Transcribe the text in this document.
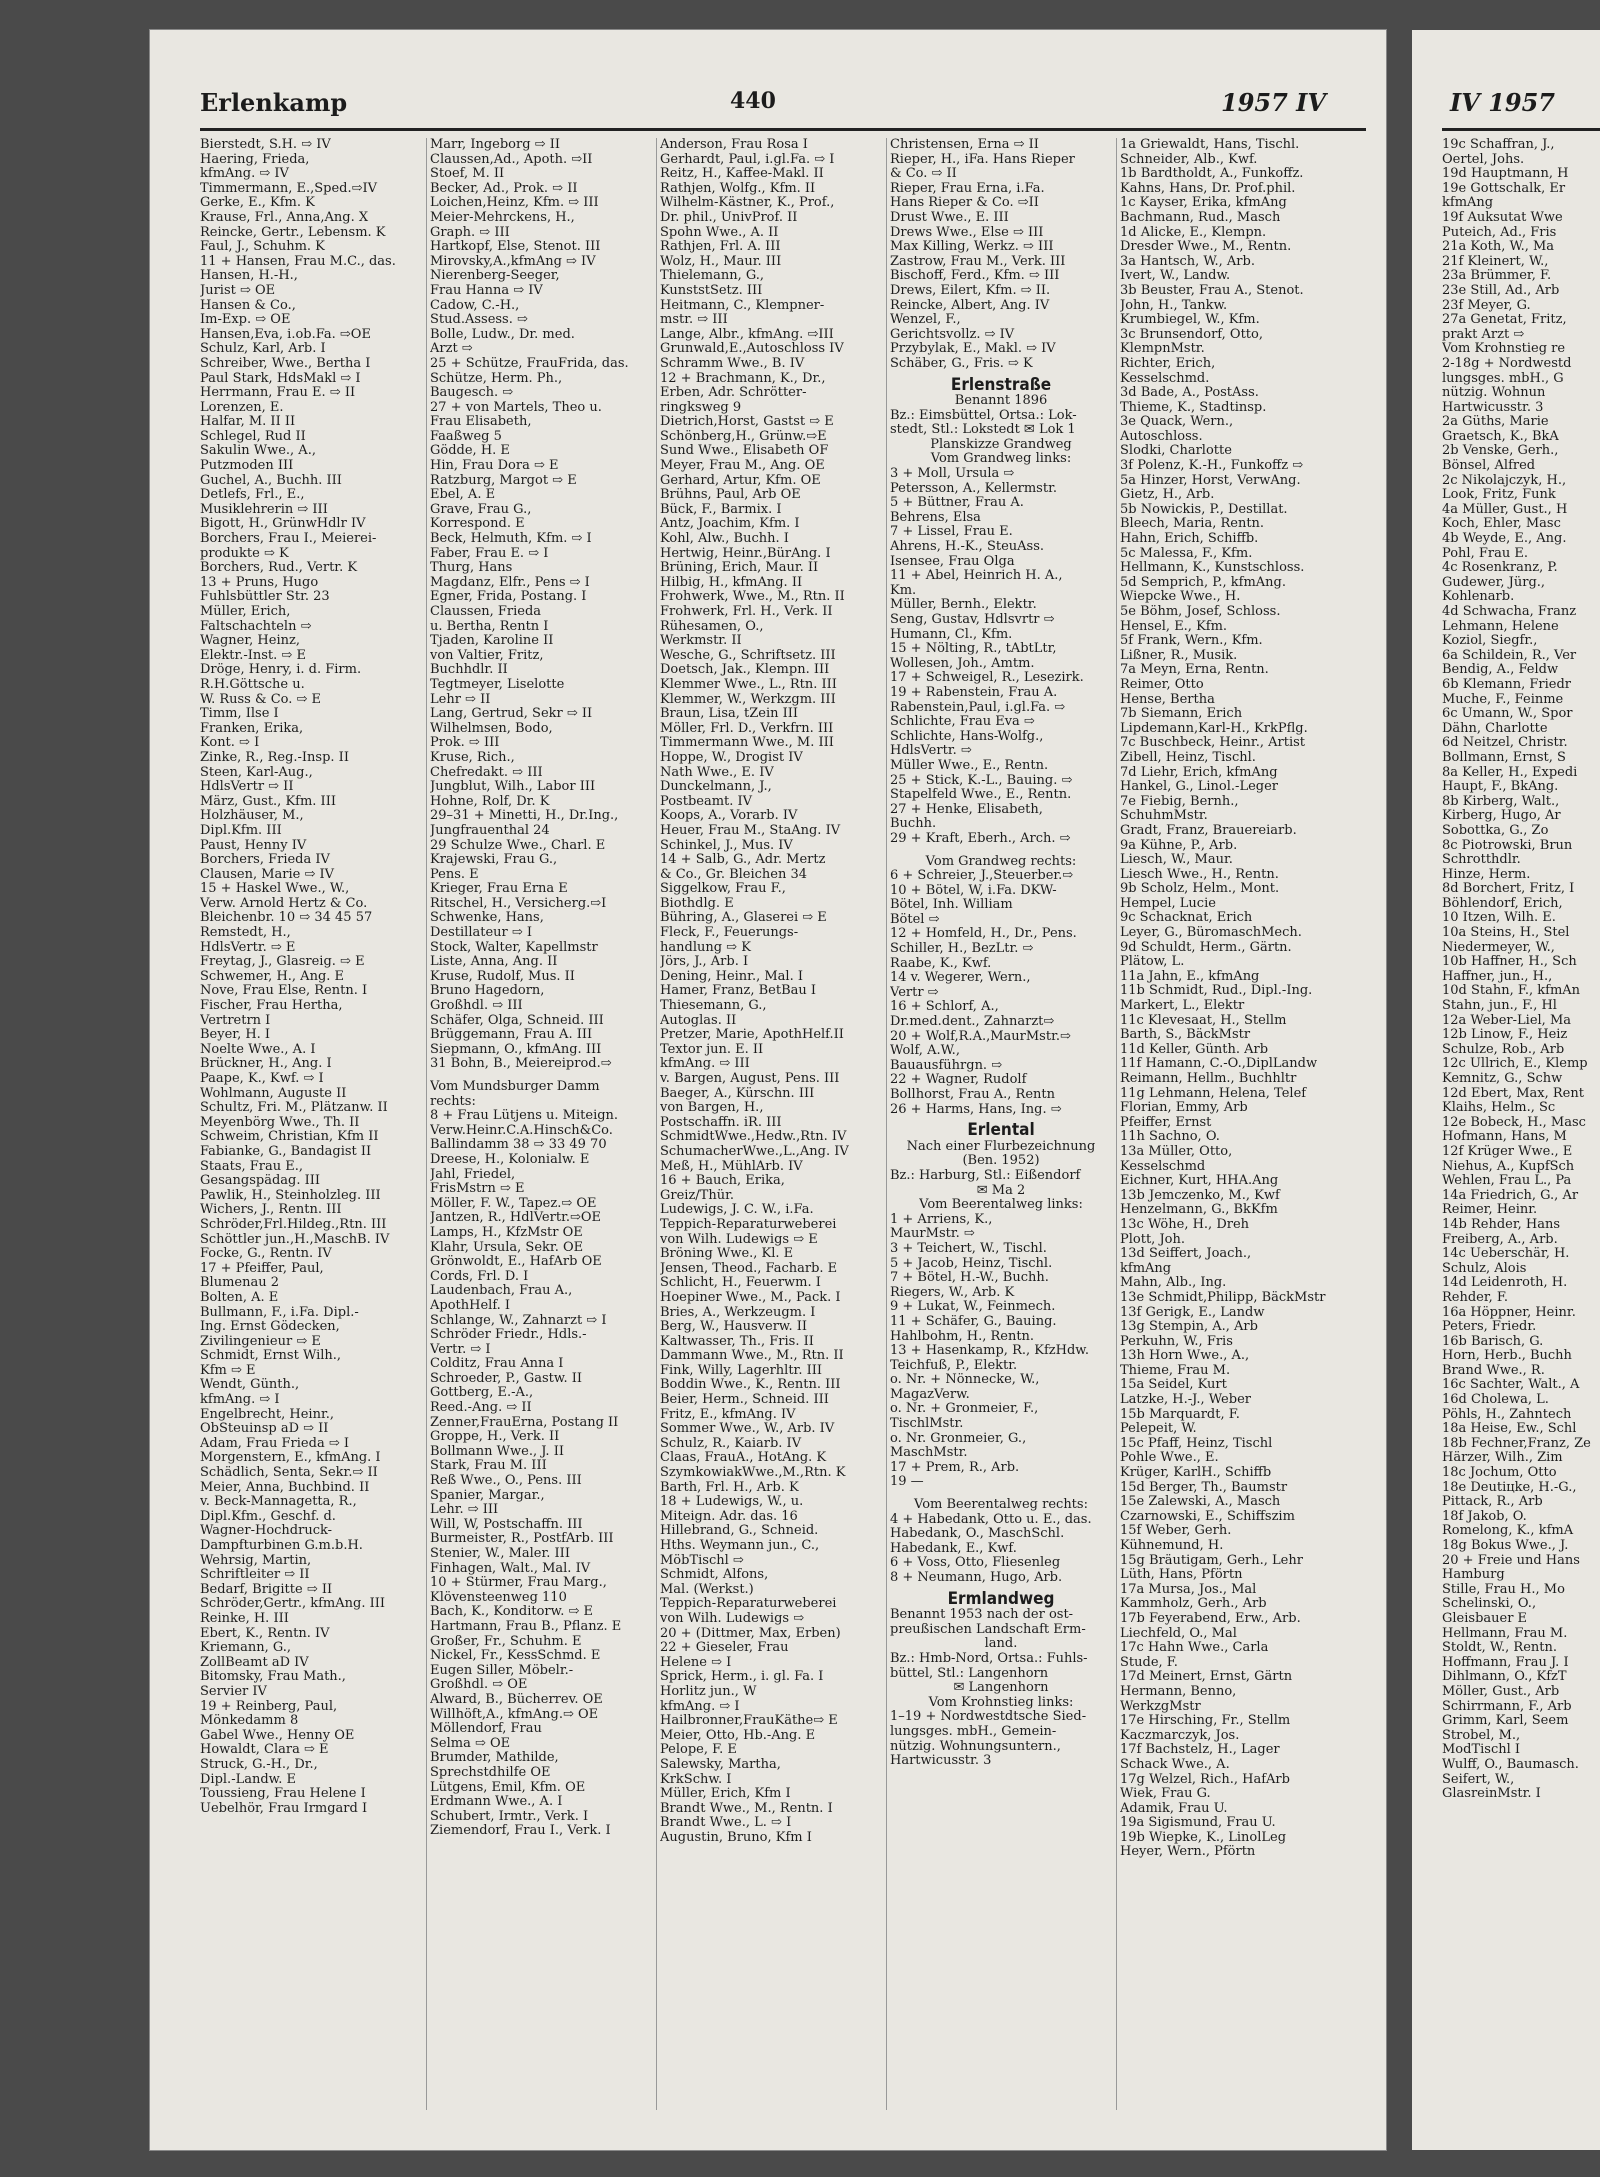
Erlenkamp	440	1957 IV
Bierstedt, S.H. ⇨ IV
Haering, Frieda,
kfmAng. ⇨ IV
Timmermann, E.,Sped.⇨IV
Gerke, E., Kfm. K
Krause, Frl., Anna,Ang. X
Reincke, Gertr., Lebensm. K
Faul, J., Schuhm. K
11 + Hansen, Frau M.C., das.
Hansen, H.-H.,
Jurist ⇨ OE
Hansen & Co.,
Im-Exp. ⇨ OE
Hansen,Eva, i.ob.Fa. ⇨OE
Schulz, Karl, Arb. I
Schreiber, Wwe., Bertha I
Paul Stark, HdsMakl ⇨ I
Herrmann, Frau E. ⇨ II
Lorenzen, E.
Halfar, M. II II
Schlegel, Rud II
Sakulin Wwe., A.,
Putzmoden III
Guchel, A., Buchh. III
Detlefs, Frl., E.,
Musiklehrerin ⇨ III
Bigott, H., GrünwHdlr IV
Borchers, Frau I., Meierei-
produkte ⇨ K
Borchers, Rud., Vertr. K
13 + Pruns, Hugo
Fuhlsbüttler Str. 23
Müller, Erich,
Faltschachteln ⇨
Wagner, Heinz,
Elektr.-Inst. ⇨ E
Dröge, Henry, i. d. Firm.
R.H.Göttsche u.
W. Russ & Co. ⇨ E
Timm, Ilse I
Franken, Erika,
Kont. ⇨ I
Zinke, R., Reg.-Insp. II
Steen, Karl-Aug.,
HdlsVertr ⇨ II
März, Gust., Kfm. III
Holzhäuser, M.,
Dipl.Kfm. III
Paust, Henny IV
Borchers, Frieda IV
Clausen, Marie ⇨ IV
15 + Haskel Wwe., W.,
Verw. Arnold Hertz & Co.
Bleichenbr. 10 ⇨ 34 45 57
Remstedt, H.,
HdlsVertr. ⇨ E
Freytag, J., Glasreig. ⇨ E
Schwemer, H., Ang. E
Nove, Frau Else, Rentn. I
Fischer, Frau Hertha,
Vertretrn I
Beyer, H. I
Noelte Wwe., A. I
Brückner, H., Ang. I
Paape, K., Kwf. ⇨ I
Wohlmann, Auguste II
Schultz, Fri. M., Plätzanw. II
Meyenbörg Wwe., Th. II
Schweim, Christian, Kfm II
Fabianke, G., Bandagist II
Staats, Frau E.,
Gesangspädag. III
Pawlik, H., Steinholzleg. III
Wichers, J., Rentn. III
Schröder,Frl.Hildeg.,Rtn. III
Schöttler jun.,H.,MaschB. IV
Focke, G., Rentn. IV
17 + Pfeiffer, Paul,
Blumenau 2
Bolten, A. E
Bullmann, F., i.Fa. Dipl.-
Ing. Ernst Gödecken,
Zivilingenieur ⇨ E
Schmidt, Ernst Wilh.,
Kfm ⇨ E
Wendt, Günth.,
kfmAng. ⇨ I
Engelbrecht, Heinr.,
ObSteuinsp aD ⇨ II
Adam, Frau Frieda ⇨ I
Morgenstern, E., kfmAng. I
Schädlich, Senta, Sekr.⇨ II
Meier, Anna, Buchbind. II
v. Beck-Mannagetta, R.,
Dipl.Kfm., Geschf. d.
Wagner-Hochdruck-
Dampfturbinen G.m.b.H.
Wehrsig, Martin,
Schriftleiter ⇨ II
Bedarf, Brigitte ⇨ II
Schröder,Gertr., kfmAng. III
Reinke, H. III
Ebert, K., Rentn. IV
Kriemann, G.,
ZollBeamt aD IV
Bitomsky, Frau Math.,
Servier IV
19 + Reinberg, Paul,
Mönkedamm 8
Gabel Wwe., Henny OE
Howaldt, Clara ⇨ E
Struck, G.-H., Dr.,
Dipl.-Landw. E
Toussieng, Frau Helene I
Uebelhör, Frau Irmgard I
Marr, Ingeborg ⇨ II
Claussen,Ad., Apoth. ⇨II
Stoef, M. II
Becker, Ad., Prok. ⇨ II
Loichen,Heinz, Kfm. ⇨ III
Meier-Mehrckens, H.,
Graph. ⇨ III
Hartkopf, Else, Stenot. III
Mirovsky,A.,kfmAng ⇨ IV
Nierenberg-Seeger,
Frau Hanna ⇨ IV
Cadow, C.-H.,
Stud.Assess. ⇨
Bolle, Ludw., Dr. med.
Arzt ⇨
25 + Schütze, FrauFrida, das.
Schütze, Herm. Ph.,
Baugesch. ⇨
27 + von Martels, Theo u.
Frau Elisabeth,
Faaßweg 5
Gödde, H. E
Hin, Frau Dora ⇨ E
Ratzburg, Margot ⇨ E
Ebel, A. E
Grave, Frau G.,
Korrespond. E
Beck, Helmuth, Kfm. ⇨ I
Faber, Frau E. ⇨ I
Thurg, Hans
Magdanz, Elfr., Pens ⇨ I
Egner, Frida, Postang. I
Claussen, Frieda
u. Bertha, Rentn I
Tjaden, Karoline II
von Valtier, Fritz,
Buchhdlr. II
Tegtmeyer, Liselotte
Lehr ⇨ II
Lang, Gertrud, Sekr ⇨ II
Wilhelmsen, Bodo,
Prok. ⇨ III
Kruse, Rich.,
Chefredakt. ⇨ III
Jungblut, Wilh., Labor III
Hohne, Rolf, Dr. K
29–31 + Minetti, H., Dr.Ing.,
Jungfrauenthal 24
29 Schulze Wwe., Charl. E
Krajewski, Frau G.,
Pens. E
Krieger, Frau Erna E
Ritschel, H., Versicherg.⇨I
Schwenke, Hans,
Destillateur ⇨ I
Stock, Walter, Kapellmstr
Liste, Anna, Ang. II
Kruse, Rudolf, Mus. II
Bruno Hagedorn,
Großhdl. ⇨ III
Schäfer, Olga, Schneid. III
Brüggemann, Frau A. III
Siepmann, O., kfmAng. III
31 Bohn, B., Meiereiprod.⇨
Vom Mundsburger Damm
rechts:
8 + Frau Lütjens u. Miteign.
Verw.Heinr.C.A.Hinsch&Co.
Ballindamm 38 ⇨ 33 49 70
Dreese, H., Kolonialw. E
Jahl, Friedel,
FrisMstrn ⇨ E
Möller, F. W., Tapez.⇨ OE
Jantzen, R., HdlVertr.⇨OE
Lamps, H., KfzMstr OE
Klahr, Ursula, Sekr. OE
Grönwoldt, E., HafArb OE
Cords, Frl. D. I
Laudenbach, Frau A.,
ApothHelf. I
Schlange, W., Zahnarzt ⇨ I
Schröder Friedr., Hdls.-
Vertr. ⇨ I
Colditz, Frau Anna I
Schroeder, P., Gastw. II
Gottberg, E.-A.,
Reed.-Ang. ⇨ II
Zenner,FrauErna, Postang II
Groppe, H., Verk. II
Bollmann Wwe., J. II
Stark, Frau M. III
Reß Wwe., O., Pens. III
Spanier, Margar.,
Lehr. ⇨ III
Will, W, Postschaffn. III
Burmeister, R., PostfArb. III
Stenier, W., Maler. III
Finhagen, Walt., Mal. IV
10 + Stürmer, Frau Marg.,
Klövensteenweg 110
Bach, K., Konditorw. ⇨ E
Hartmann, Frau B., Pflanz. E
Großer, Fr., Schuhm. E
Nickel, Fr., KessSchmd. E
Eugen Siller, Möbelr.-
Großhdl. ⇨ OE
Alward, B., Bücherrev. OE
Willhöft,A., kfmAng.⇨ OE
Möllendorf, Frau
Selma ⇨ OE
Brumder, Mathilde,
Sprechstdhilfe OE
Lütgens, Emil, Kfm. OE
Erdmann Wwe., A. I
Schubert, Irmtr., Verk. I
Ziemendorf, Frau I., Verk. I
Anderson, Frau Rosa I
Gerhardt, Paul, i.gl.Fa. ⇨ I
Reitz, H., Kaffee-Makl. II
Rathjen, Wolfg., Kfm. II
Wilhelm-Kästner, K., Prof.,
Dr. phil., UnivProf. II
Spohn Wwe., A. II
Rathjen, Frl. A. III
Wolz, H., Maur. III
Thielemann, G.,
KunststSetz. III
Heitmann, C., Klempner-
mstr. ⇨ III
Lange, Albr., kfmAng. ⇨III
Grunwald,E.,Autoschloss IV
Schramm Wwe., B. IV
12 + Brachmann, K., Dr.,
Erben, Adr. Schrötter-
ringksweg 9
Dietrich,Horst, Gastst ⇨ E
Schönberg,H., Grünw.⇨E
Sund Wwe., Elisabeth OF
Meyer, Frau M., Ang. OE
Gerhard, Artur, Kfm. OE
Brühns, Paul, Arb OE
Bück, F., Barmix. I
Antz, Joachim, Kfm. I
Kohl, Alw., Buchh. I
Hertwig, Heinr.,BürAng. I
Brüning, Erich, Maur. II
Hilbig, H., kfmAng. II
Frohwerk, Wwe., M., Rtn. II
Frohwerk, Frl. H., Verk. II
Rühesamen, O.,
Werkmstr. II
Wesche, G., Schriftsetz. III
Doetsch, Jak., Klempn. III
Klemmer Wwe., L., Rtn. III
Klemmer, W., Werkzgm. III
Braun, Lisa, tZein III
Möller, Frl. D., Verkfrn. III
Timmermann Wwe., M. III
Hoppe, W., Drogist IV
Nath Wwe., E. IV
Dunckelmann, J.,
Postbeamt. IV
Koops, A., Vorarb. IV
Heuer, Frau M., StaAng. IV
Schinkel, J., Mus. IV
14 + Salb, G., Adr. Mertz
& Co., Gr. Bleichen 34
Siggelkow, Frau F.,
Biothdlg. E
Bühring, A., Glaserei ⇨ E
Fleck, F., Feuerungs-
handlung ⇨ K
Jörs, J., Arb. I
Dening, Heinr., Mal. I
Hamer, Franz, BetBau I
Thiesemann, G.,
Autoglas. II
Pretzer, Marie, ApothHelf.II
Textor jun. E. II
kfmAng. ⇨ III
v. Bargen, August, Pens. III
Baeger, A., Kürschn. III
von Bargen, H.,
Postschaffn. iR. III
SchmidtWwe.,Hedw.,Rtn. IV
SchumacherWwe.,L.,Ang. IV
Meß, H., MühlArb. IV
16 + Bauch, Erika,
Greiz/Thür.
Ludewigs, J. C. W., i.Fa.
Teppich-Reparaturweberei
von Wilh. Ludewigs ⇨ E
Bröning Wwe., Kl. E
Jensen, Theod., Facharb. E
Schlicht, H., Feuerwm. I
Hoepiner Wwe., M., Pack. I
Bries, A., Werkzeugm. I
Berg, W., Hausverw. II
Kaltwasser, Th., Fris. II
Dammann Wwe., M., Rtn. II
Fink, Willy, Lagerhltr. III
Boddin Wwe., K., Rentn. III
Beier, Herm., Schneid. III
Fritz, E., kfmAng. IV
Sommer Wwe., W., Arb. IV
Schulz, R., Kaiarb. IV
Claas, FrauA., HotAng. K
SzymkowiakWwe.,M.,Rtn. K
Barth, Frl. H., Arb. K
18 + Ludewigs, W., u.
Miteign. Adr. das. 16
Hillebrand, G., Schneid.
Hths. Weymann jun., C.,
MöbTischl ⇨
Schmidt, Alfons,
Mal. (Werkst.)
Teppich-Reparaturweberei
von Wilh. Ludewigs ⇨
20 + (Dittmer, Max, Erben)
22 + Gieseler, Frau
Helene ⇨ I
Sprick, Herm., i. gl. Fa. I
Horlitz jun., W
kfmAng. ⇨ I
Hailbronner,FrauKäthe⇨ E
Meier, Otto, Hb.-Ang. E
Pelope, F. E
Salewsky, Martha,
KrkSchw. I
Müller, Erich, Kfm I
Brandt Wwe., M., Rentn. I
Brandt Wwe., L. ⇨ I
Augustin, Bruno, Kfm I
Christensen, Erna ⇨ II
Rieper, H., iFa. Hans Rieper
& Co. ⇨ II
Rieper, Frau Erna, i.Fa.
Hans Rieper & Co. ⇨II
Drust Wwe., E. III
Drews Wwe., Else ⇨ III
Max Killing, Werkz. ⇨ III
Zastrow, Frau M., Verk. III
Bischoff, Ferd., Kfm. ⇨ III
Drews, Eilert, Kfm. ⇨ II.
Reincke, Albert, Ang. IV
Wenzel, F.,
Gerichtsvollz. ⇨ IV
Przybylak, E., Makl. ⇨ IV
Schäber, G., Fris. ⇨ K
Erlenstraße
Benannt 1896
Bz.: Eimsbüttel, Ortsa.: Lok-
stedt, Stl.: Lokstedt ✉ Lok 1
Planskizze Grandweg
Vom Grandweg links:
3 + Moll, Ursula ⇨
Petersson, A., Kellermstr.
5 + Büttner, Frau A.
Behrens, Elsa
7 + Lissel, Frau E.
Ahrens, H.-K., SteuAss.
Isensee, Frau Olga
11 + Abel, Heinrich H. A.,
Km.
Müller, Bernh., Elektr.
Seng, Gustav, Hdlsvrtr ⇨
Humann, Cl., Kfm.
15 + Nölting, R., tAbtLtr,
Wollesen, Joh., Amtm.
17 + Schweigel, R., Lesezirk.
19 + Rabenstein, Frau A.
Rabenstein,Paul, i.gl.Fa. ⇨
Schlichte, Frau Eva ⇨
Schlichte, Hans-Wolfg.,
HdlsVertr. ⇨
Müller Wwe., E., Rentn.
25 + Stick, K.-L., Bauing. ⇨
Stapelfeld Wwe., E., Rentn.
27 + Henke, Elisabeth,
Buchh.
29 + Kraft, Eberh., Arch. ⇨
Vom Grandweg rechts:
6 + Schreier, J.,Steuerber.⇨
10 + Bötel, W, i.Fa. DKW-
Bötel, Inh. William
Bötel ⇨
12 + Homfeld, H., Dr., Pens.
Schiller, H., BezLtr. ⇨
Raabe, K., Kwf.
14 v. Wegerer, Wern.,
Vertr ⇨
16 + Schlorf, A.,
Dr.med.dent., Zahnarzt⇨
20 + Wolf,R.A.,MaurMstr.⇨
Wolf, A.W.,
Bauausführgn. ⇨
22 + Wagner, Rudolf
Bollhorst, Frau A., Rentn
26 + Harms, Hans, Ing. ⇨
Erlental
Nach einer Flurbezeichnung
(Ben. 1952)
Bz.: Harburg, Stl.: Eißendorf
✉ Ma 2
Vom Beerentalweg links:
1 + Arriens, K.,
MaurMstr. ⇨
3 + Teichert, W., Tischl.
5 + Jacob, Heinz, Tischl.
7 + Bötel, H.-W., Buchh.
Riegers, W., Arb. K
9 + Lukat, W., Feinmech.
11 + Schäfer, G., Bauing.
Hahlbohm, H., Rentn.
13 + Hasenkamp, R., KfzHdw.
Teichfuß, P., Elektr.
o. Nr. + Nönnecke, W.,
MagazVerw.
o. Nr. + Gronmeier, F.,
TischlMstr.
o. Nr. Gronmeier, G.,
MaschMstr.
17 + Prem, R., Arb.
19 —
Vom Beerentalweg rechts:
4 + Habedank, Otto u. E., das.
Habedank, O., MaschSchl.
Habedank, E., Kwf.
6 + Voss, Otto, Fliesenleg
8 + Neumann, Hugo, Arb.
Ermlandweg
Benannt 1953 nach der ost-
preußischen Landschaft Erm-
land.
Bz.: Hmb-Nord, Ortsa.: Fuhls-
büttel, Stl.: Langenhorn
✉ Langenhorn
Vom Krohnstieg links:
1–19 + Nordwestdtsche Sied-
lungsges. mbH., Gemein-
nützig. Wohnungsuntern.,
Hartwicusstr. 3
1a Griewaldt, Hans, Tischl.
Schneider, Alb., Kwf.
1b Bardtholdt, A., Funkoffz.
Kahns, Hans, Dr. Prof.phil.
1c Kayser, Erika, kfmAng
Bachmann, Rud., Masch
1d Alicke, E., Klempn.
Dresder Wwe., M., Rentn.
3a Hantsch, W., Arb.
Ivert, W., Landw.
3b Beuster, Frau A., Stenot.
John, H., Tankw.
Krumbiegel, W., Kfm.
3c Brunsendorf, Otto,
KlempnMstr.
Richter, Erich,
Kesselschmd.
3d Bade, A., PostAss.
Thieme, K., Stadtinsp.
3e Quack, Wern.,
Autoschloss.
Slodki, Charlotte
3f Polenz, K.-H., Funkoffz ⇨
5a Hinzer, Horst, VerwAng.
Gietz, H., Arb.
5b Nowickis, P., Destillat.
Bleech, Maria, Rentn.
Hahn, Erich, Schiffb.
5c Malessa, F., Kfm.
Hellmann, K., Kunstschloss.
5d Semprich, P., kfmAng.
Wiepcke Wwe., H.
5e Böhm, Josef, Schloss.
Hensel, E., Kfm.
5f Frank, Wern., Kfm.
Lißner, R., Musik.
7a Meyn, Erna, Rentn.
Reimer, Otto
Hense, Bertha
7b Siemann, Erich
Lipdemann,Karl-H., KrkPflg.
7c Buschbeck, Heinr., Artist
Zibell, Heinz, Tischl.
7d Liehr, Erich, kfmAng
Hankel, G., Linol.-Leger
7e Fiebig, Bernh.,
SchuhmMstr.
Gradt, Franz, Brauereiarb.
9a Kühne, P., Arb.
Liesch, W., Maur.
Liesch Wwe., H., Rentn.
9b Scholz, Helm., Mont.
Hempel, Lucie
9c Schacknat, Erich
Leyer, G., BüromaschMech.
9d Schuldt, Herm., Gärtn.
Plätow, L.
11a Jahn, E., kfmAng
11b Schmidt, Rud., Dipl.-Ing.
Markert, L., Elektr
11c Klevesaat, H., Stellm
Barth, S., BäckMstr
11d Keller, Günth. Arb
11f Hamann, C.-O.,DiplLandw
Reimann, Hellm., Buchhltr
11g Lehmann, Helena, Telef
Florian, Emmy, Arb
Pfeiffer, Ernst
11h Sachno, O.
13a Müller, Otto,
Kesselschmd
Eichner, Kurt, HHA.Ang
13b Jemczenko, M., Kwf
Henzelmann, G., BkKfm
13c Wöhe, H., Dreh
Plott, Joh.
13d Seiffert, Joach.,
kfmAng
Mahn, Alb., Ing.
13e Schmidt,Philipp, BäckMstr
13f Gerigk, E., Landw
13g Stempin, A., Arb
Perkuhn, W., Fris
13h Horn Wwe., A.,
Thieme, Frau M.
15a Seidel, Kurt
Latzke, H.-J., Weber
15b Marquardt, F.
Pelepeit, W.
15c Pfaff, Heinz, Tischl
Pohle Wwe., E.
Krüger, KarlH., Schiffb
15d Berger, Th., Baumstr
15e Zalewski, A., Masch
Czarnowski, E., Schiffszim
15f Weber, Gerh.
Kühnemund, H.
15g Bräutigam, Gerh., Lehr
Lüth, Hans, Pförtn
17a Mursa, Jos., Mal
Kammholz, Gerh., Arb
17b Feyerabend, Erw., Arb.
Liechfeld, O., Mal
17c Hahn Wwe., Carla
Stude, F.
17d Meinert, Ernst, Gärtn
Hermann, Benno,
WerkzgMstr
17e Hirsching, Fr., Stellm
Kaczmarczyk, Jos.
17f Bachstelz, H., Lager
Schack Wwe., A.
17g Welzel, Rich., HafArb
Wiek, Frau G.
Adamik, Frau U.
19a Sigismund, Frau U.
19b Wiepke, K., LinolLeg
Heyer, Wern., Pförtn
IV 1957
19c Schaffran, J.,
Oertel, Johs.
19d Hauptmann, H
19e Gottschalk, Er
kfmAng
19f Auksutat Wwe
Puteich, Ad., Fris
21a Koth, W., Ma
21f Kleinert, W.,
23a Brümmer, F.
23e Still, Ad., Arb
23f Meyer, G.
27a Genetat, Fritz,
prakt Arzt ⇨
Vom Krohnstieg re
2-18g + Nordwestd
lungsges. mbH., G
nützig. Wohnun
Hartwicusstr. 3
2a Güths, Marie
Graetsch, K., BkA
2b Venske, Gerh.,
Bönsel, Alfred
2c Nikolajczyk, H.,
Look, Fritz, Funk
4a Müller, Gust., H
Koch, Ehler, Masc
4b Weyde, E., Ang.
Pohl, Frau E.
4c Rosenkranz, P.
Gudewer, Jürg.,
Kohlenarb.
4d Schwacha, Franz
Lehmann, Helene
Koziol, Siegfr.,
6a Schildein, R., Ver
Bendig, A., Feldw
6b Klemann, Friedr
Muche, F., Feinme
6c Umann, W., Spor
Dähn, Charlotte
6d Neitzel, Christr.
Bollmann, Ernst, S
8a Keller, H., Expedi
Haupt, F., BkAng.
8b Kirberg, Walt.,
Kirberg, Hugo, Ar
Sobottka, G., Zo
8c Piotrowski, Brun
Schrotthdlr.
Hinze, Herm.
8d Borchert, Fritz, I
Böhlendorf, Erich,
10 Itzen, Wilh. E.
10a Steins, H., Stel
Niedermeyer, W.,
10b Haffner, H., Sch
Haffner, jun., H.,
10d Stahn, F., kfmAn
Stahn, jun., F., Hl
12a Weber-Liel, Ma
12b Linow, F., Heiz
Schulze, Rob., Arb
12c Ullrich, E., Klemp
Kemnitz, G., Schw
12d Ebert, Max, Rent
Klaihs, Helm., Sc
12e Bobeck, H., Masc
Hofmann, Hans, M
12f Krüger Wwe., E
Niehus, A., KupfSch
Wehlen, Frau L., Pa
14a Friedrich, G., Ar
Reimer, Heinr.
14b Rehder, Hans
Freiberg, A., Arb.
14c Ueberschär, H.
Schulz, Alois
14d Leidenroth, H.
Rehder, F.
16a Höppner, Heinr.
Peters, Friedr.
16b Barisch, G.
Horn, Herb., Buchh
Brand Wwe., R.
16c Sachter, Walt., A
16d Cholewa, L.
Pöhls, H., Zahntech
18a Heise, Ew., Schl
18b Fechner,Franz, Ze
Härzer, Wilh., Zim
18c Jochum, Otto
18e Deutiцke, H.-G.,
Pittack, R., Arb
18f Jakob, O.
Romelong, K., kfmA
18g Bokus Wwe., J.
20 + Freie und Hans
Hamburg
Stille, Frau H., Mo
Schelinski, O.,
Gleisbauer E
Hellmann, Frau M.
Stoldt, W., Rentn.
Hoffmann, Frau J. I
Dihlmann, O., KfzT
Möller, Gust., Arb
Schirrmann, F., Arb
Grimm, Karl, Seem
Strobel, M.,
ModTischl I
Wulff, O., Baumasch.
Seifert, W.,
GlasreinMstr. I
